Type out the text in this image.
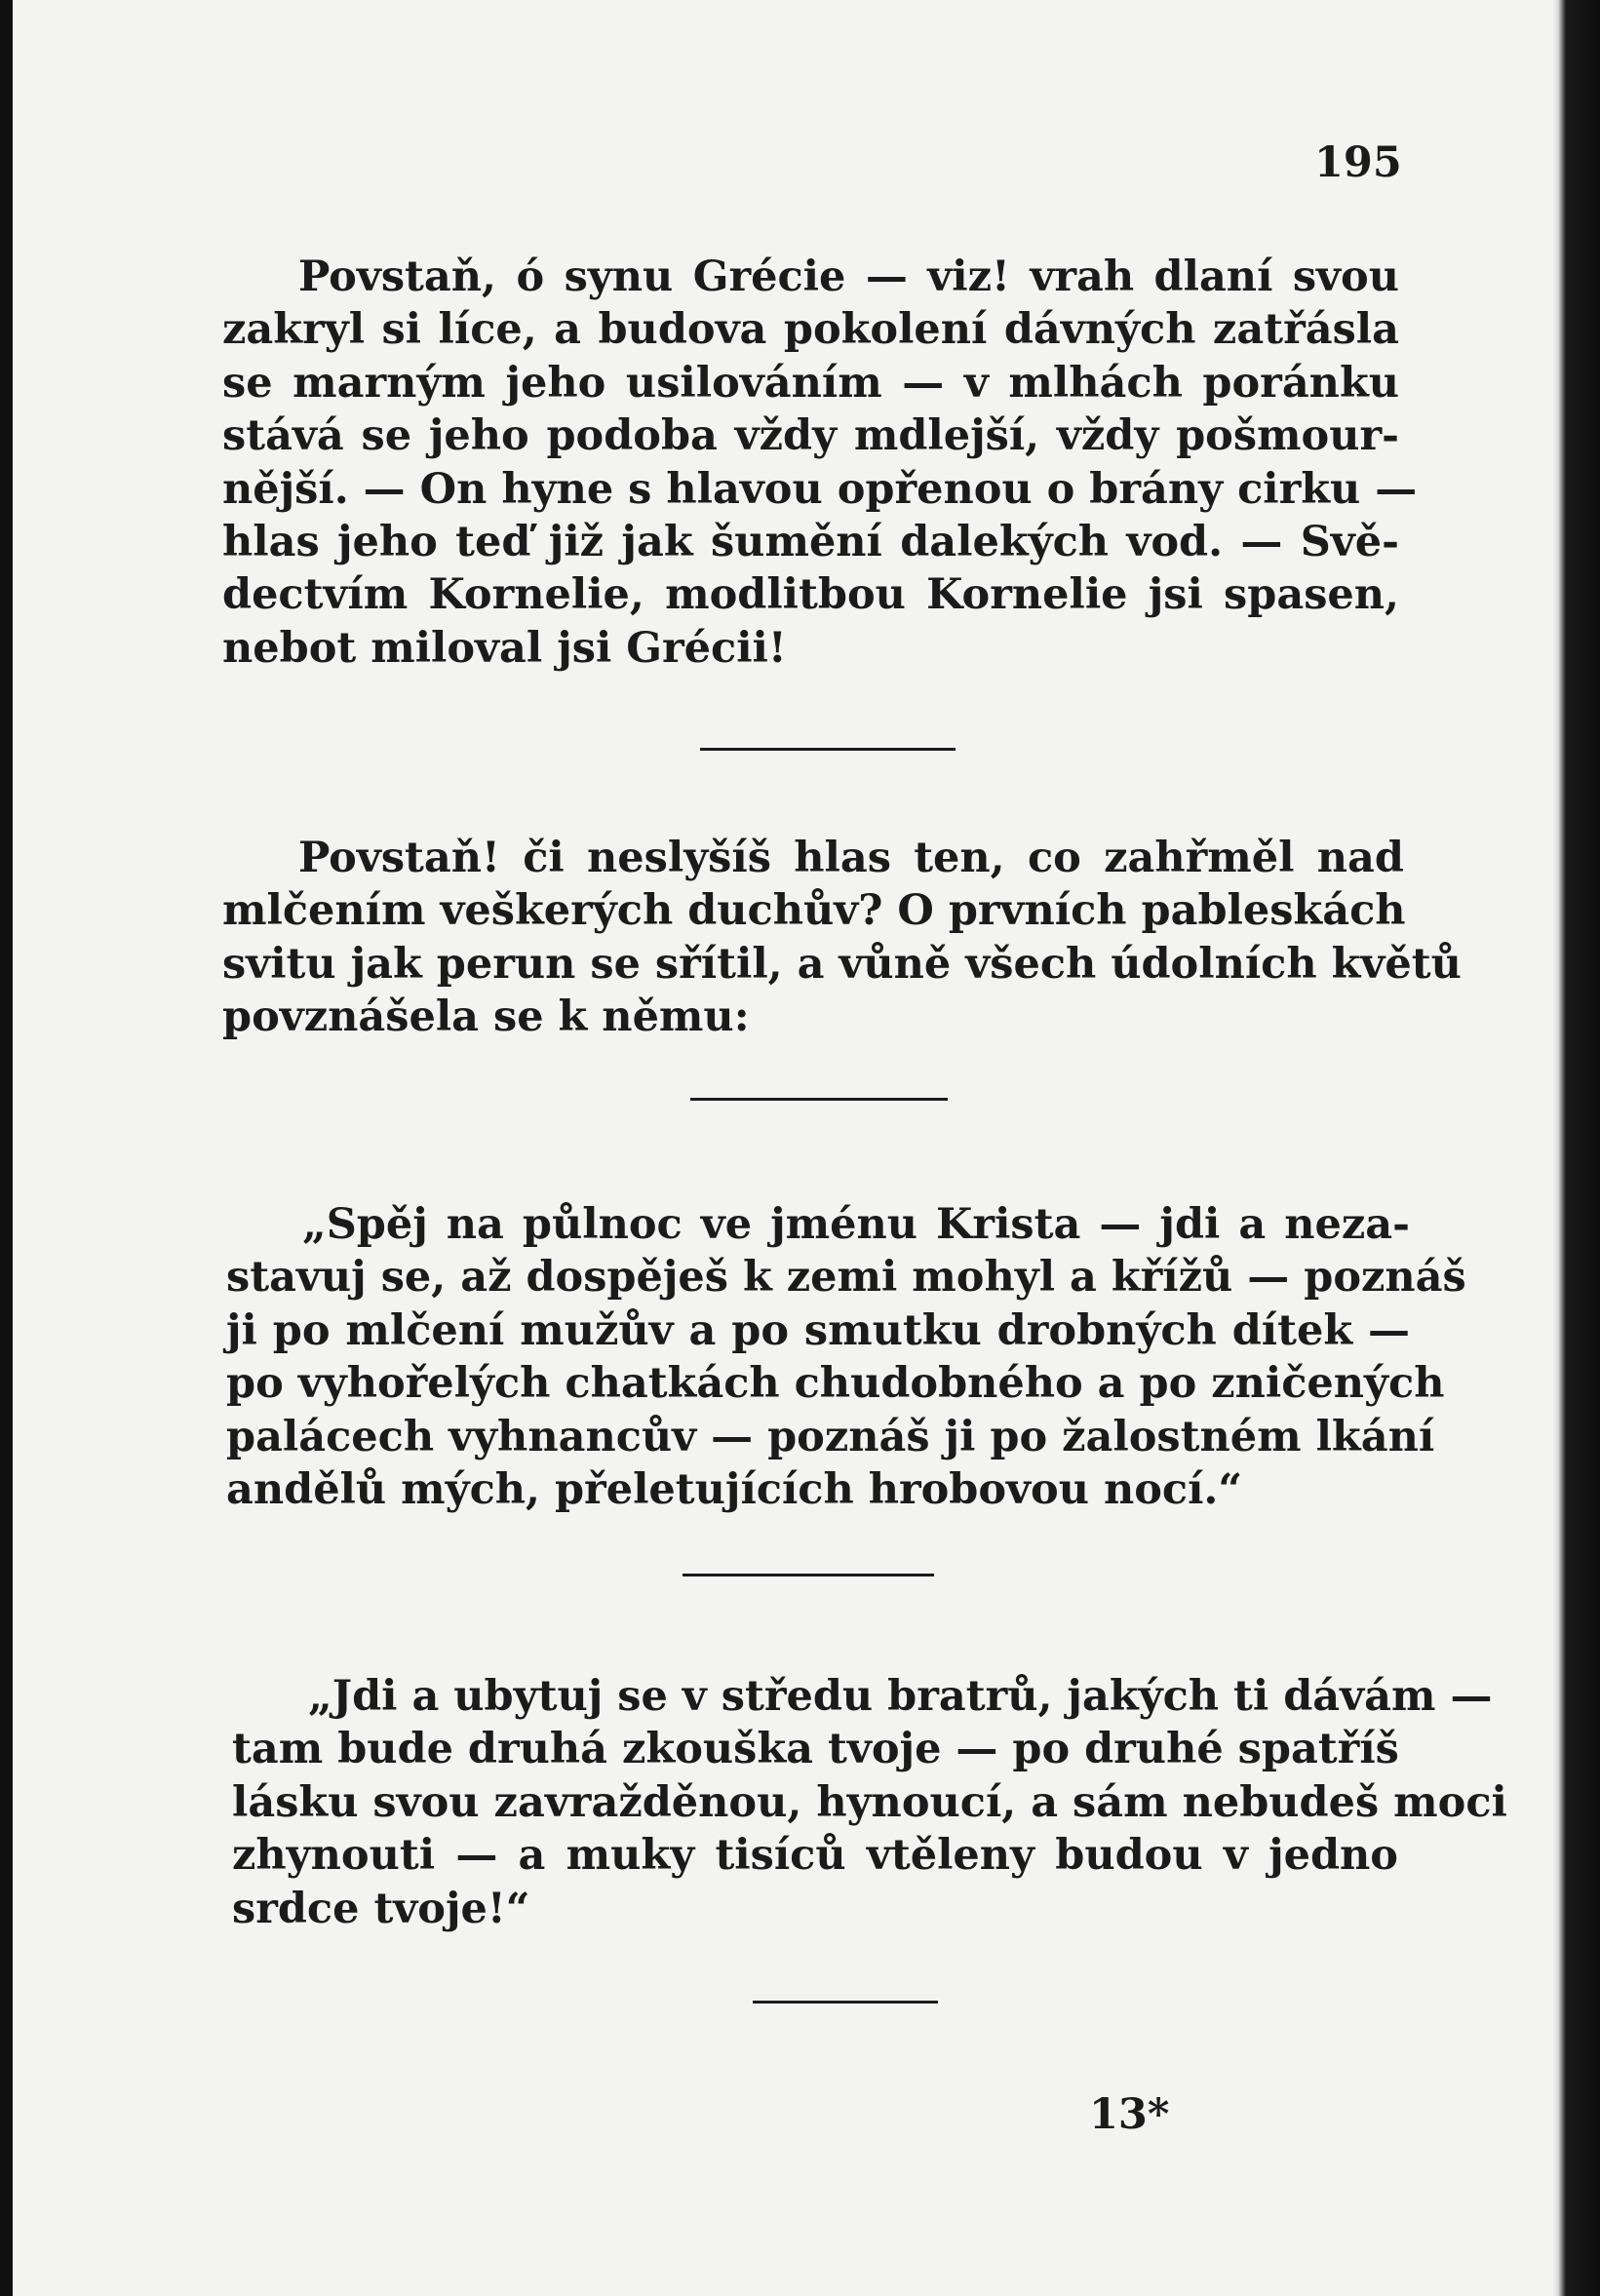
195

Povstaň, ó synu Grécie — viz! vrah dlaní svou
zakryl si líce, a budova pokolení dávných zatřásla
se marným jeho usilováním — v mlhách poránku
stává se jeho podoba vždy mdlejší, vždy pošmour-
nější. — On hyne s hlavou opřenou o brány cirku —
hlas jeho teď již jak šumění dalekých vod. — Svě-
dectvím Kornelie, modlitbou Kornelie jsi spasen,
nebot miloval jsi Grécii!

Povstaň! či neslyšíš hlas ten, co zahřměl nad
mlčením veškerých duchův? O prvních pableskách
svitu jak perun se sřítil, a vůně všech údolních květů
povznášela se k němu:

„Spěj na půlnoc ve jménu Krista — jdi a neza-
stavuj se, až dospěješ k zemi mohyl a křížů — poznáš
ji po mlčení mužův a po smutku drobných dítek —
po vyhořelých chatkách chudobného a po zničených
palácech vyhnancův — poznáš ji po žalostném lkání
andělů mých, přeletujících hrobovou nocí.“

„Jdi a ubytuj se v středu bratrů, jakých ti dávám —
tam bude druhá zkouška tvoje — po druhé spatříš
lásku svou zavražděnou, hynoucí, a sám nebudeš moci
zhynouti — a muky tisíců vtěleny budou v jedno
srdce tvoje!“

13*
